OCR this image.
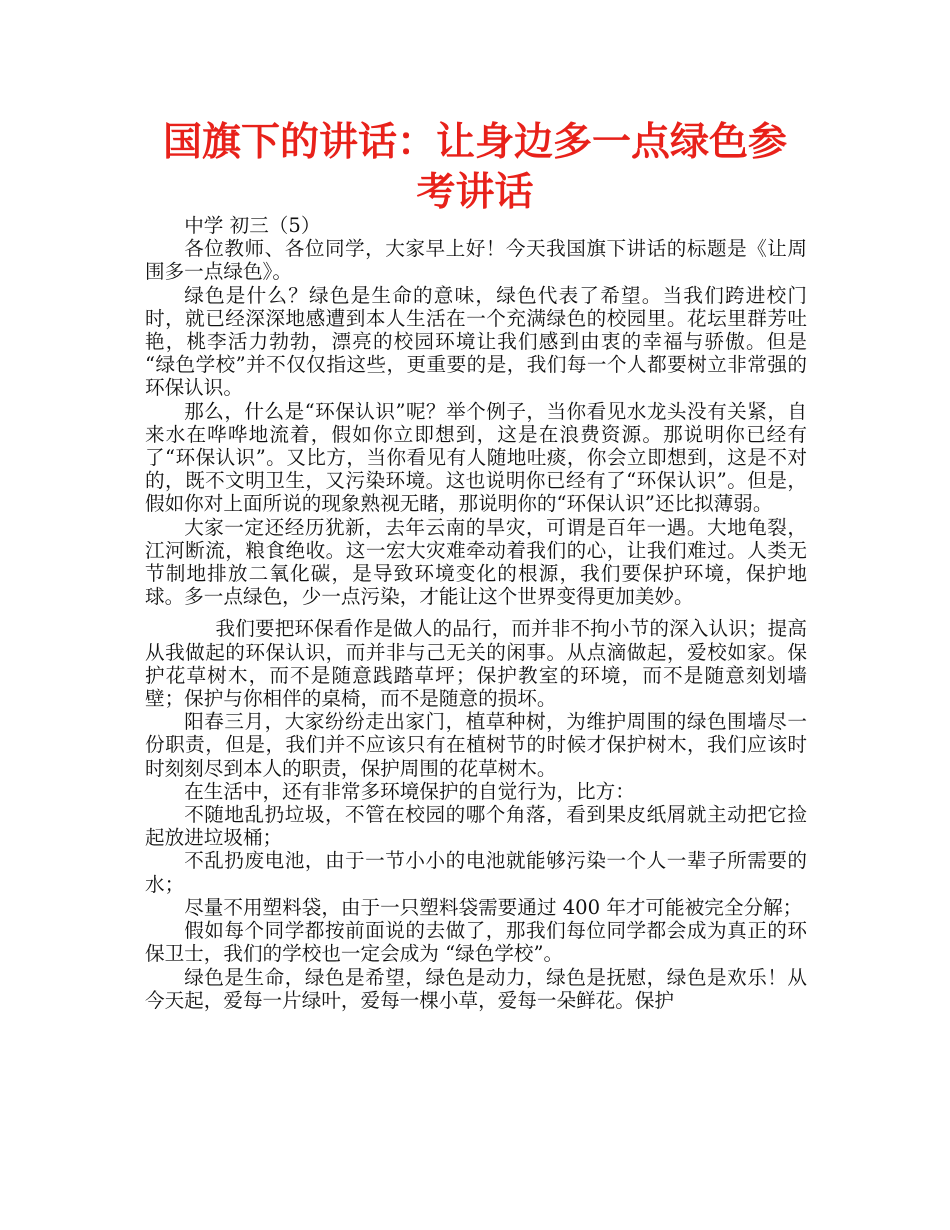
国旗下的讲话：让身边多一点绿色参考讲话

中学 初三（5）

各位教师、各位同学，大家早上好！今天我国旗下讲话的标题是《让周围多一点绿色》。

绿色是什么？绿色是生命的意味，绿色代表了希望。当我们跨进校门时，就已经深深地感遭到本人生活在一个充满绿色的校园里。花坛里群芳吐艳，桃李活力勃勃，漂亮的校园环境让我们感到由衷的幸福与骄傲。但是 “绿色学校”并不仅仅指这些，更重要的是，我们每一个人都要树立非常强的环保认识。

那么，什么是“环保认识”呢？举个例子，当你看见水龙头没有关紧，自来水在哗哗地流着，假如你立即想到，这是在浪费资源。那说明你已经有了“环保认识”。又比方，当你看见有人随地吐痰，你会立即想到，这是不对的，既不文明卫生，又污染环境。这也说明你已经有了“环保认识”。但是，假如你对上面所说的现象熟视无睹，那说明你的“环保认识”还比拟薄弱。

大家一定还经历犹新，去年云南的旱灾，可谓是百年一遇。大地龟裂，江河断流，粮食绝收。这一宏大灾难牵动着我们的心，让我们难过。人类无节制地排放二氧化碳，是导致环境变化的根源，我们要保护环境，保护地球。多一点绿色，少一点污染，才能让这个世界变得更加美妙。

我们要把环保看作是做人的品行，而并非不拘小节的深入认识；提高从我做起的环保认识，而并非与己无关的闲事。从点滴做起，爱校如家。保护花草树木，而不是随意践踏草坪；保护教室的环境，而不是随意刻划墙壁；保护与你相伴的桌椅，而不是随意的损坏。

阳春三月，大家纷纷走出家门，植草种树，为维护周围的绿色围墙尽一份职责，但是，我们并不应该只有在植树节的时候才保护树木，我们应该时时刻刻尽到本人的职责，保护周围的花草树木。

在生活中，还有非常多环境保护的自觉行为，比方：

不随地乱扔垃圾，不管在校园的哪个角落，看到果皮纸屑就主动把它捡起放进垃圾桶；

不乱扔废电池，由于一节小小的电池就能够污染一个人一辈子所需要的水；

尽量不用塑料袋，由于一只塑料袋需要通过 400 年才可能被完全分解；

假如每个同学都按前面说的去做了，那我们每位同学都会成为真正的环保卫士，我们的学校也一定会成为 “绿色学校”。

绿色是生命，绿色是希望，绿色是动力，绿色是抚慰，绿色是欢乐！从今天起，爱每一片绿叶，爱每一棵小草，爱每一朵鲜花。保护
